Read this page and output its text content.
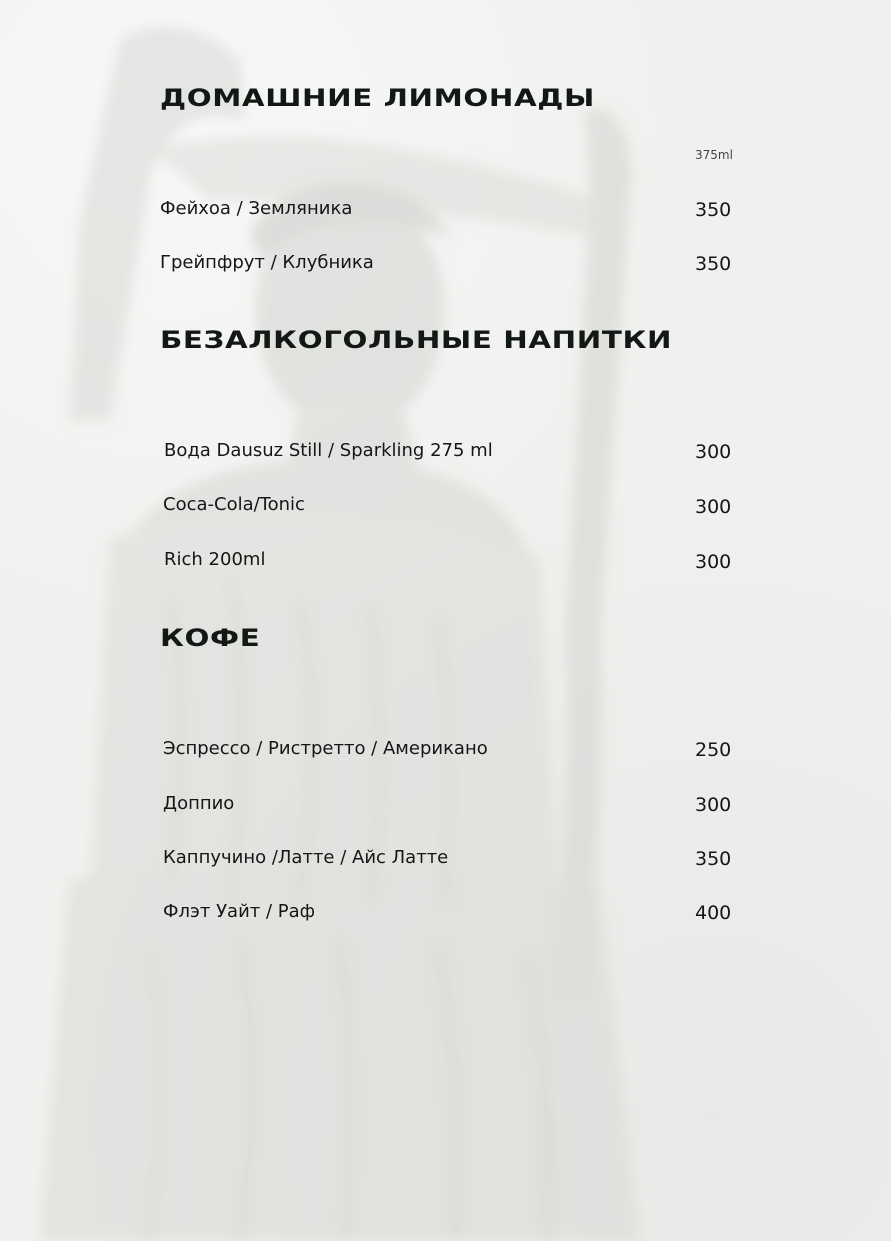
ДОМАШНИЕ ЛИМОНАДЫ
375ml
Фейхоа / Земляника	350
Грейпфрут / Клубника	350
БЕЗАЛКОГОЛЬНЫЕ НАПИТКИ
Вода Dausuz Still / Sparkling 275 ml	300
Coca-Cola/Tonic	300
Rich 200ml	300
КОФЕ
Эспрессо / Ристретто / Американо	250
Доппио	300
Каппучино /Латте / Айс Латте	350
Флэт Уайт / Раф	400
